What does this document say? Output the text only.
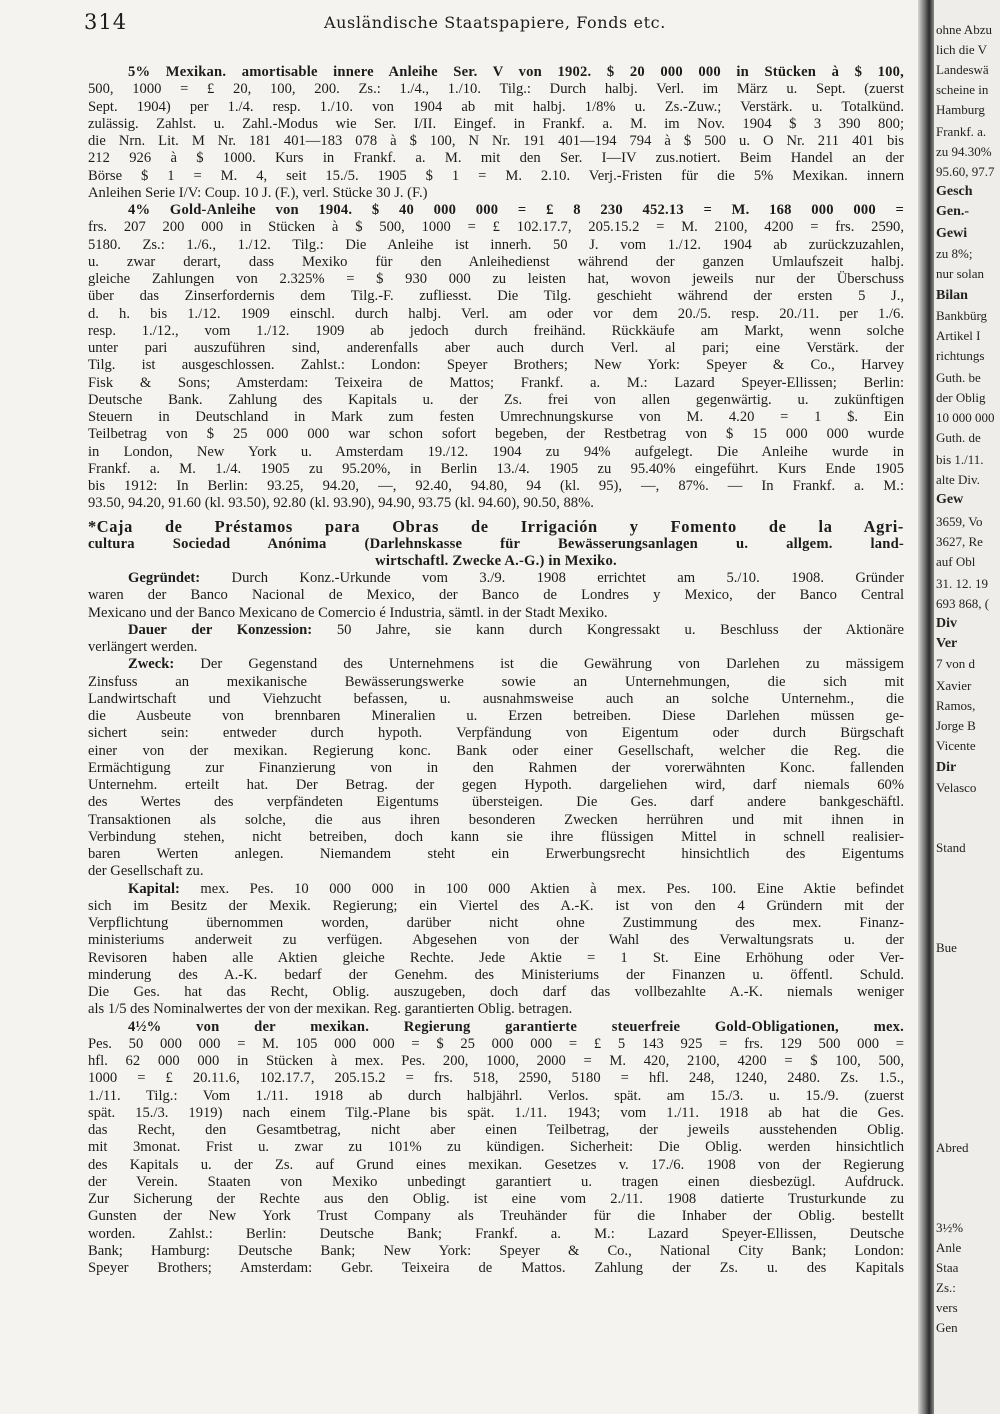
314	Ausländische Staatspapiere, Fonds etc.
5% Mexikan. amortisable innere Anleihe Ser. V von 1902. $ 20 000 000 in Stücken à $ 100,
500, 1000 = £ 20, 100, 200. Zs.: 1./4., 1./10. Tilg.: Durch halbj. Verl. im März u. Sept. (zuerst
Sept. 1904) per 1./4. resp. 1./10. von 1904 ab mit halbj. 1/8% u. Zs.-Zuw.; Verstärk. u. Totalkünd.
zulässig. Zahlst. u. Zahl.-Modus wie Ser. I/II. Eingef. in Frankf. a. M. im Nov. 1904 $ 3 390 800;
die Nrn. Lit. M Nr. 181 401—183 078 à $ 100, N Nr. 191 401—194 794 à $ 500 u. O Nr. 211 401 bis
212 926 à $ 1000. Kurs in Frankf. a. M. mit den Ser. I—IV zus.notiert. Beim Handel an der
Börse $ 1 = M. 4, seit 15./5. 1905 $ 1 = M. 2.10. Verj.-Fristen für die 5% Mexikan. innern
Anleihen Serie I/V: Coup. 10 J. (F.), verl. Stücke 30 J. (F.)
4% Gold-Anleihe von 1904. $ 40 000 000 = £ 8 230 452.13 = M. 168 000 000 =
frs. 207 200 000 in Stücken à $ 500, 1000 = £ 102.17.7, 205.15.2 = M. 2100, 4200 = frs. 2590,
5180. Zs.: 1./6., 1./12. Tilg.: Die Anleihe ist innerh. 50 J. vom 1./12. 1904 ab zurückzuzahlen,
u. zwar derart, dass Mexiko für den Anleihedienst während der ganzen Umlaufszeit halbj.
gleiche Zahlungen von 2.325% = $ 930 000 zu leisten hat, wovon jeweils nur der Überschuss
über das Zinserfordernis dem Tilg.-F. zufliesst. Die Tilg. geschieht während der ersten 5 J.,
d. h. bis 1./12. 1909 einschl. durch halbj. Verl. am oder vor dem 20./5. resp. 20./11. per 1./6.
resp. 1./12., vom 1./12. 1909 ab jedoch durch freihänd. Rückkäufe am Markt, wenn solche
unter pari auszuführen sind, anderenfalls aber auch durch Verl. al pari; eine Verstärk. der
Tilg. ist ausgeschlossen. Zahlst.: London: Speyer Brothers; New York: Speyer & Co., Harvey
Fisk & Sons; Amsterdam: Teixeira de Mattos; Frankf. a. M.: Lazard Speyer-Ellissen; Berlin:
Deutsche Bank. Zahlung des Kapitals u. der Zs. frei von allen gegenwärtig. u. zukünftigen
Steuern in Deutschland in Mark zum festen Umrechnungskurse von M. 4.20 = 1 $. Ein
Teilbetrag von $ 25 000 000 war schon sofort begeben, der Restbetrag von $ 15 000 000 wurde
in London, New York u. Amsterdam 19./12. 1904 zu 94% aufgelegt. Die Anleihe wurde in
Frankf. a. M. 1./4. 1905 zu 95.20%, in Berlin 13./4. 1905 zu 95.40% eingeführt. Kurs Ende 1905
bis 1912: In Berlin: 93.25, 94.20, —, 92.40, 94.80, 94 (kl. 95), —, 87%. — In Frankf. a. M.:
93.50, 94.20, 91.60 (kl. 93.50), 92.80 (kl. 93.90), 94.90, 93.75 (kl. 94.60), 90.50, 88%.
*Caja de Préstamos para Obras de Irrigación y Fomento de la Agri-
cultura Sociedad Anónima (Darlehnskasse für Bewässerungsanlagen u. allgem. land-
wirtschaftl. Zwecke A.-G.) in Mexiko.
Gegründet: Durch Konz.-Urkunde vom 3./9. 1908 errichtet am 5./10. 1908. Gründer
waren der Banco Nacional de Mexico, der Banco de Londres y Mexico, der Banco Central
Mexicano und der Banco Mexicano de Comercio é Industria, sämtl. in der Stadt Mexiko.
Dauer der Konzession: 50 Jahre, sie kann durch Kongressakt u. Beschluss der Aktionäre
verlängert werden.
Zweck: Der Gegenstand des Unternehmens ist die Gewährung von Darlehen zu mässigem
Zinsfuss an mexikanische Bewässerungswerke sowie an Unternehmungen, die sich mit
Landwirtschaft und Viehzucht befassen, u. ausnahmsweise auch an solche Unternehm., die
die Ausbeute von brennbaren Mineralien u. Erzen betreiben. Diese Darlehen müssen ge-
sichert sein: entweder durch hypoth. Verpfändung von Eigentum oder durch Bürgschaft
einer von der mexikan. Regierung konc. Bank oder einer Gesellschaft, welcher die Reg. die
Ermächtigung zur Finanzierung von in den Rahmen der vorerwähnten Konc. fallenden
Unternehm. erteilt hat. Der Betrag. der gegen Hypoth. dargeliehen wird, darf niemals 60%
des Wertes des verpfändeten Eigentums übersteigen. Die Ges. darf andere bankgeschäftl.
Transaktionen als solche, die aus ihren besonderen Zwecken herrühren und mit ihnen in
Verbindung stehen, nicht betreiben, doch kann sie ihre flüssigen Mittel in schnell realisier-
baren Werten anlegen. Niemandem steht ein Erwerbungsrecht hinsichtlich des Eigentums
der Gesellschaft zu.
Kapital: mex. Pes. 10 000 000 in 100 000 Aktien à mex. Pes. 100. Eine Aktie befindet
sich im Besitz der Mexik. Regierung; ein Viertel des A.-K. ist von den 4 Gründern mit der
Verpflichtung übernommen worden, darüber nicht ohne Zustimmung des mex. Finanz-
ministeriums anderweit zu verfügen. Abgesehen von der Wahl des Verwaltungsrats u. der
Revisoren haben alle Aktien gleiche Rechte. Jede Aktie = 1 St. Eine Erhöhung oder Ver-
minderung des A.-K. bedarf der Genehm. des Ministeriums der Finanzen u. öffentl. Schuld.
Die Ges. hat das Recht, Oblig. auszugeben, doch darf das vollbezahlte A.-K. niemals weniger
als 1/5 des Nominalwertes der von der mexikan. Reg. garantierten Oblig. betragen.
4½% von der mexikan. Regierung garantierte steuerfreie Gold-Obligationen, mex.
Pes. 50 000 000 = M. 105 000 000 = $ 25 000 000 = £ 5 143 925 = frs. 129 500 000 =
hfl. 62 000 000 in Stücken à mex. Pes. 200, 1000, 2000 = M. 420, 2100, 4200 = $ 100, 500,
1000 = £ 20.11.6, 102.17.7, 205.15.2 = frs. 518, 2590, 5180 = hfl. 248, 1240, 2480. Zs. 1.5.,
1./11. Tilg.: Vom 1./11. 1918 ab durch halbjährl. Verlos. spät. am 15./3. u. 15./9. (zuerst
spät. 15./3. 1919) nach einem Tilg.-Plane bis spät. 1./11. 1943; vom 1./11. 1918 ab hat die Ges.
das Recht, den Gesamtbetrag, nicht aber einen Teilbetrag, der jeweils ausstehenden Oblig.
mit 3monat. Frist u. zwar zu 101% zu kündigen. Sicherheit: Die Oblig. werden hinsichtlich
des Kapitals u. der Zs. auf Grund eines mexikan. Gesetzes v. 17./6. 1908 von der Regierung
der Verein. Staaten von Mexiko unbedingt garantiert u. tragen einen diesbezügl. Aufdruck.
Zur Sicherung der Rechte aus den Oblig. ist eine vom 2./11. 1908 datierte Trusturkunde zu
Gunsten der New York Trust Company als Treuhänder für die Inhaber der Oblig. bestellt
worden. Zahlst.: Berlin: Deutsche Bank; Frankf. a. M.: Lazard Speyer-Ellissen, Deutsche
Bank; Hamburg: Deutsche Bank; New York: Speyer & Co., National City Bank; London:
Speyer Brothers; Amsterdam: Gebr. Teixeira de Mattos. Zahlung der Zs. u. des Kapitals
ohne Abzu
lich die V
Landeswä
scheine in
Hamburg
Frankf. a.
zu 94.30%
95.60, 97.7
Gesch
Gen.-
Gewi
zu 8%;
nur solan
Bilan
Bankbürg
Artikel I
richtungs
Guth. be
der Oblig
10 000 000
Guth. de
bis 1./11.
alte Div.
Gew
3659, Vo
3627, Re
auf Obl
31. 12. 19
693 868, (
Div
Ver
7 von d
Xavier
Ramos,
Jorge B
Vicente
Dir
Velasco
Stand
Bue
Abred
3½%
Anle
Staa
Zs.:
vers
Gen
